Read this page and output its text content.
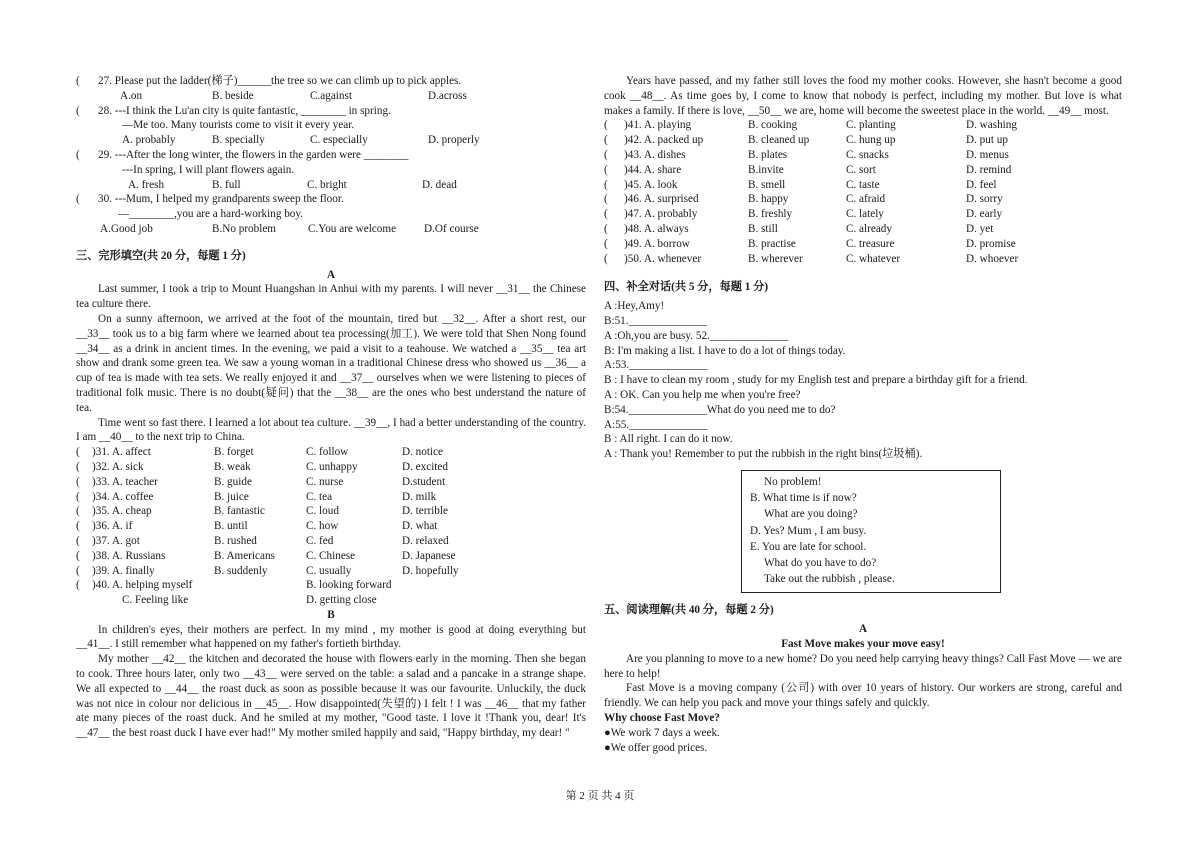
(	27. Please put the ladder(梯子)______the tree so we can climb up to pick apples.
A.on	B. beside	C.against	D.across
(	28. ---I think the Lu'an city is quite fantastic, ________ in spring.
—Me too. Many tourists come to visit it every year.
A. probably	B. specially	C. especially	D. properly
(	29. ---After the long winter, the flowers in the garden were ________
---In spring, I will plant flowers again.
A. fresh	B. full	C. bright	D. dead
(	30. ---Mum, I helped my grandparents sweep the floor.
—________,you are a hard-working boy.
A.Good job	B.No problem	C.You are welcome	D.Of course
三、完形填空(共 20 分，每题 1 分)
A

Last summer, I took a trip to Mount Huangshan in Anhui with my parents. I will never __31__ the Chinese tea culture there.

On a sunny afternoon, we arrived at the foot of the mountain, tired but __32__. After a short rest, our __33__ took us to a big farm where we learned about tea processing(加工). We were told that Shen Nong found __34__ as a drink in ancient times. In the evening, we paid a visit to a teahouse. We watched a __35__ tea art show and drank some green tea. We saw a young woman in a traditional Chinese dress who showed us __36__ a cup of tea is made with tea sets. We really enjoyed it and __37__ ourselves when we were listening to pieces of traditional folk music. There is no doubt(疑问) that the __38__ are the ones who best understand the nature of tea.

Time went so fast there. I learned a lot about tea culture. __39__, I had a better understanding of the country. I am __40__ to the next trip to China.

(	)31. A. affect	B. forget	C. follow	D. notice
(	)32. A. sick	B. weak	C. unhappy	D. excited
(	)33. A. teacher	B. guide	C. nurse	D.student
(	)34. A. coffee	B. juice	C. tea	D. milk
(	)35. A. cheap	B. fantastic	C. loud	D. terrible
(	)36. A. if	B. until	C. how	D. what
(	)37. A. got	B. rushed	C. fed	D. relaxed
(	)38. A. Russians	B. Americans	C. Chinese	D. Japanese
(	)39. A. finally	B. suddenly	C. usually	D. hopefully
(	)40. A. helping myself	B. looking forward
C. Feeling like	D. getting close
B

In children's eyes, their mothers are perfect. In my mind , my mother is good at doing everything but __41__. I still remember what happened on my father's fortieth birthday.

My mother __42__ the kitchen and decorated the house with flowers early in the morning. Then she began to cook. Three hours later, only two __43__ were served on the table: a salad and a pancake in a strange shape. We all expected to __44__ the roast duck as soon as possible because it was our favourite. Unluckily, the duck was not nice in colour nor delicious in __45__. How disappointed(失望的) I felt ! I was __46__ that my father ate many pieces of the roast duck. And he smiled at my mother, "Good taste. I love it !Thank you, dear! It's __47__ the best roast duck I have ever had!" My mother smiled happily and said, "Happy birthday, my dear! "

Years have passed, and my father still loves the food my mother cooks. However, she hasn't become a good cook __48__. As time goes by, I come to know that nobody is perfect, including my mother. But love is what makes a family. If there is love, __50__ we are, home will become the sweetest place in the world. __49__ most.

(	)41. A. playing	B. cooking	C. planting	D. washing
(	)42. A. packed up	B. cleaned up	C. hung up	D. put up
(	)43. A. dishes	B. plates	C. snacks	D. menus
(	)44. A. share	B.invite	C. sort	D. remind
(	)45. A. look	B. smell	C. taste	D. feel
(	)46. A. surprised	B. happy	C. afraid	D. sorry
(	)47. A. probably	B. freshly	C. lately	D. early
(	)48. A. always	B. still	C. already	D. yet
(	)49. A. borrow	B. practise	C. treasure	D. promise
(	)50. A. whenever	B. wherever	C. whatever	D. whoever
四、补全对话(共 5 分，每题 1 分)
A :Hey,Amy!
B:51.______________
A :Oh,you are busy. 52.______________
B: I'm making a list. I have to do a lot of things today.
A:53.______________
B : I have to clean my room , study for my English test and prepare a birthday gift for a friend.
A : OK. Can you help me when you're free?
B:54.______________What do you need me to do?
A:55.______________
B : All right. I can do it now.
A : Thank you! Remember to put the rubbish in the right bins(垃圾桶).
No problem!
B. What time is if now?
What are you doing?
D. Yes? Mum , I am busy.
E. You are late for school.
What do you have to do?
Take out the rubbish , please.
五、阅读理解(共 40 分，每题 2 分)
A
Fast Move makes your move easy!

Are you planning to move to a new home? Do you need help carrying heavy things? Call Fast Move — we are here to help!

Fast Move is a moving company (公司) with over 10 years of history. Our workers are strong, careful and friendly. We can help you pack and move your things safely and quickly.

Why choose Fast Move?
●We work 7 days a week.
●We offer good prices.
第 2 页 共 4 页
